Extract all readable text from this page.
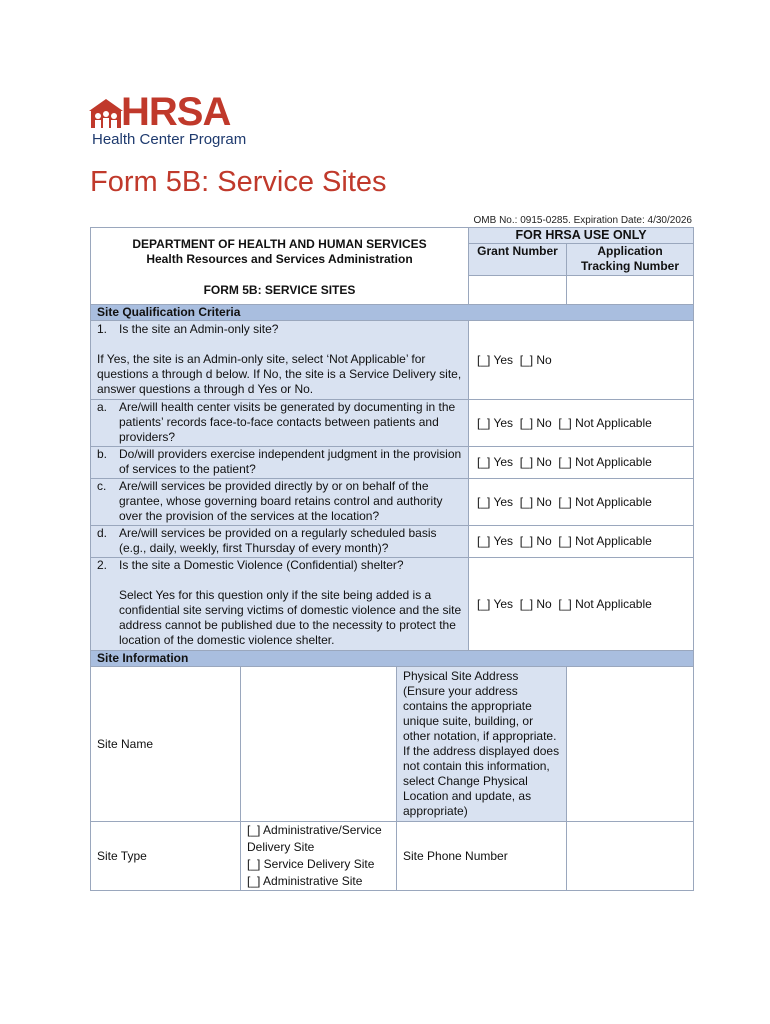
HRSA
Health Center Program
Form 5B: Service Sites
OMB No.: 0915-0285. Expiration Date: 4/30/2026
DEPARTMENT OF HEALTH AND HUMAN SERVICES
Health Resources and Services Administration
FORM 5B: SERVICE SITES			FOR HRSA USE ONLY	
			Grant Number	Application Tracking Number

Site Qualification Criteria				

1. Is the site an Admin-only site?
If Yes, the site is an Admin-only site, select ‘Not Applicable’ for questions a through d below. If No, the site is a Service Delivery site, answer questions a through d Yes or No.			[_] Yes  [_] No	

a. Are/will health center visits be generated by documenting in the patients’ records face-to-face contacts between patients and providers?			[_] Yes  [_] No  [_] Not Applicable	

b. Do/will providers exercise independent judgment in the provision of services to the patient?			[_] Yes  [_] No  [_] Not Applicable	

c. Are/will services be provided directly by or on behalf of the grantee, whose governing board retains control and authority over the provision of the services at the location?			[_] Yes  [_] No  [_] Not Applicable	

d. Are/will services be provided on a regularly scheduled basis (e.g., daily, weekly, first Thursday of every month)?			[_] Yes  [_] No  [_] Not Applicable	

2. Is the site a Domestic Violence (Confidential) shelter?
Select Yes for this question only if the site being added is a confidential site serving victims of domestic violence and the site address cannot be published due to the necessity to protect the location of the domestic violence shelter.			[_] Yes  [_] No  [_] Not Applicable	
Site Information				
Site Name		Physical Site Address (Ensure your address contains the appropriate unique suite, building, or other notation, if appropriate. If the address displayed does not contain this information, select Change Physical Location and update, as appropriate)		
Site Type	[_] Administrative/Service Delivery Site
[_] Service Delivery Site
[_] Administrative Site	Site Phone Number		
